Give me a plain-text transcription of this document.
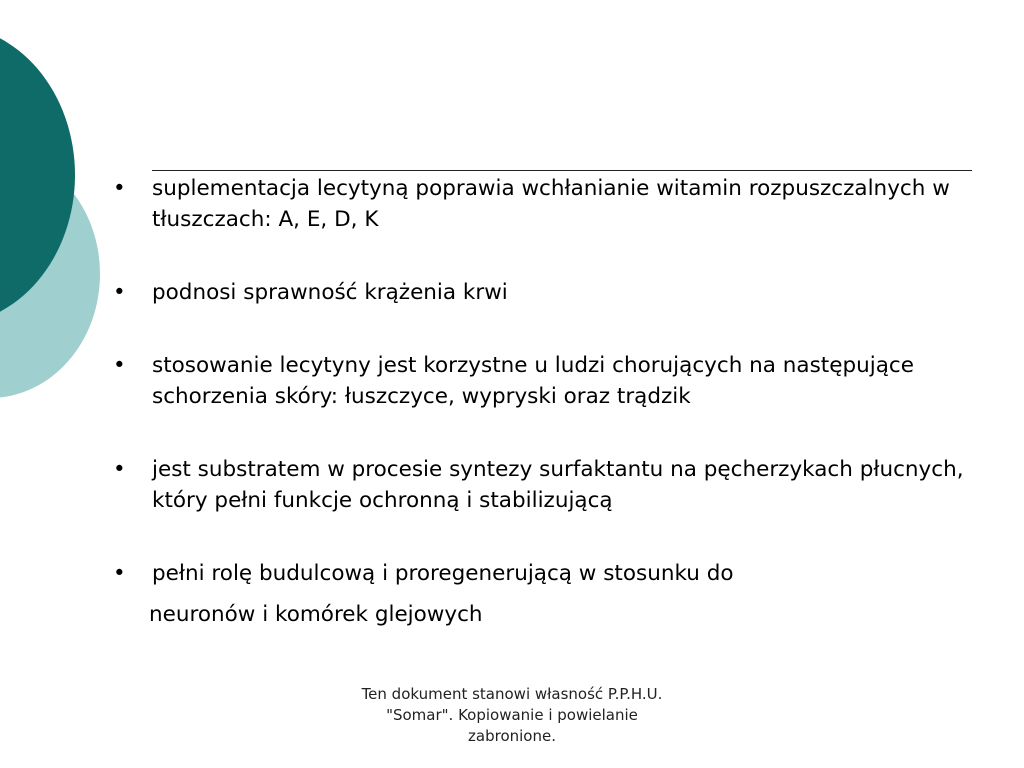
•	suplementacja lecytyną poprawia wchłanianie witamin rozpuszczalnych w tłuszczach: A, E, D, K
•	podnosi sprawność krążenia krwi
•	stosowanie lecytyny jest korzystne u ludzi chorujących na następujące schorzenia skóry: łuszczyce, wypryski oraz trądzik
•	jest substratem w procesie syntezy surfaktantu na pęcherzykach płucnych, który pełni funkcje ochronną i stabilizującą
•	pełni rolę budulcową i proregenerującą w stosunku do
neuronów i komórek glejowych
Ten dokument stanowi własność P.P.H.U. "Somar". Kopiowanie i powielanie zabronione.
